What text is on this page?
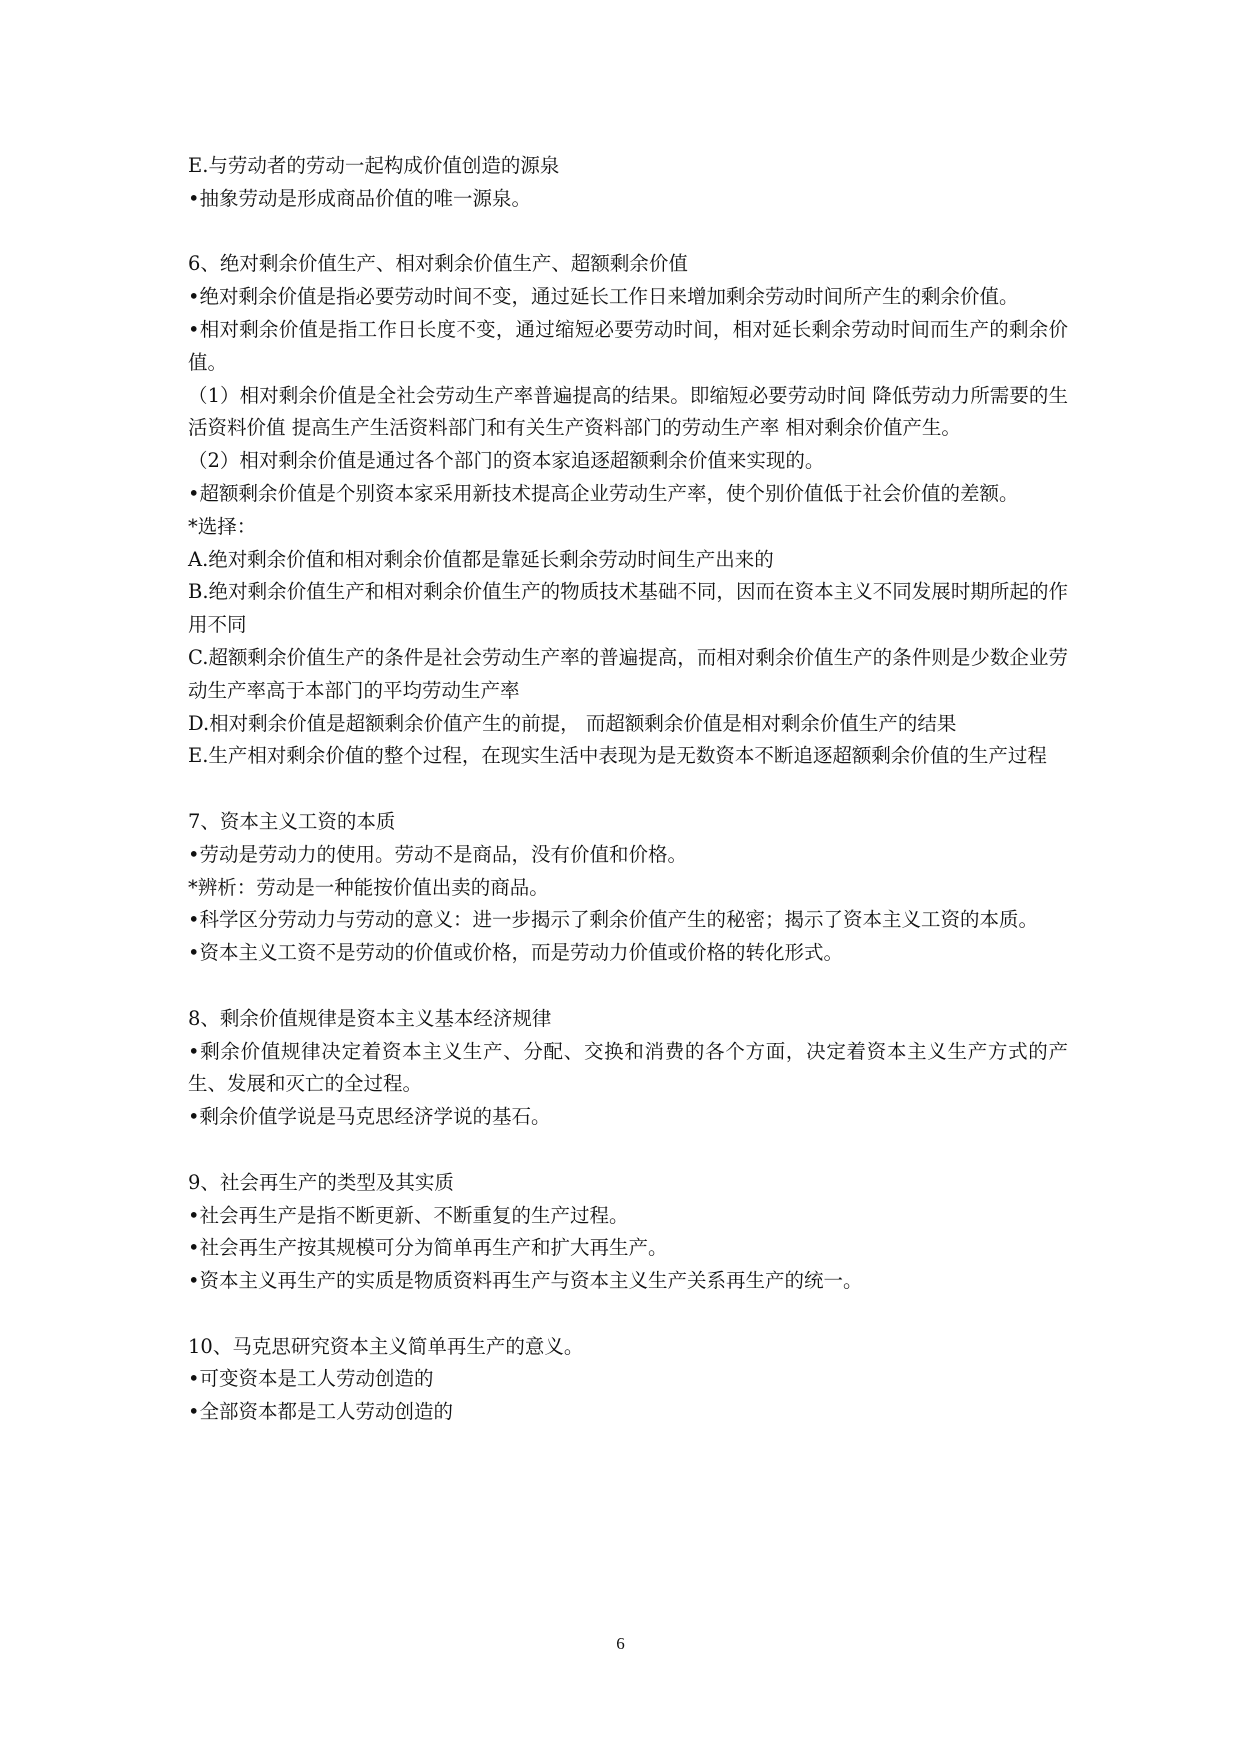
E.与劳动者的劳动一起构成价值创造的源泉

•抽象劳动是形成商品价值的唯一源泉。

6、绝对剩余价值生产、相对剩余价值生产、超额剩余价值

•绝对剩余价值是指必要劳动时间不变，通过延长工作日来增加剩余劳动时间所产生的剩余价值。

•相对剩余价值是指工作日长度不变，通过缩短必要劳动时间，相对延长剩余劳动时间而生产的剩余价值。

（1）相对剩余价值是全社会劳动生产率普遍提高的结果。即缩短必要劳动时间 降低劳动力所需要的生活资料价值 提高生产生活资料部门和有关生产资料部门的劳动生产率 相对剩余价值产生。

（2）相对剩余价值是通过各个部门的资本家追逐超额剩余价值来实现的。

•超额剩余价值是个别资本家采用新技术提高企业劳动生产率，使个别价值低于社会价值的差额。

*选择：

A.绝对剩余价值和相对剩余价值都是靠延长剩余劳动时间生产出来的

B.绝对剩余价值生产和相对剩余价值生产的物质技术基础不同，因而在资本主义不同发展时期所起的作用不同

C.超额剩余价值生产的条件是社会劳动生产率的普遍提高，而相对剩余价值生产的条件则是少数企业劳动生产率高于本部门的平均劳动生产率

D.相对剩余价值是超额剩余价值产生的前提， 而超额剩余价值是相对剩余价值生产的结果

E.生产相对剩余价值的整个过程，在现实生活中表现为是无数资本不断追逐超额剩余价值的生产过程

7、资本主义工资的本质

•劳动是劳动力的使用。劳动不是商品，没有价值和价格。

*辨析：劳动是一种能按价值出卖的商品。

•科学区分劳动力与劳动的意义：进一步揭示了剩余价值产生的秘密；揭示了资本主义工资的本质。

•资本主义工资不是劳动的价值或价格，而是劳动力价值或价格的转化形式。

8、剩余价值规律是资本主义基本经济规律

•剩余价值规律决定着资本主义生产、分配、交换和消费的各个方面，决定着资本主义生产方式的产生、发展和灭亡的全过程。

•剩余价值学说是马克思经济学说的基石。

9、社会再生产的类型及其实质

•社会再生产是指不断更新、不断重复的生产过程。

•社会再生产按其规模可分为简单再生产和扩大再生产。

•资本主义再生产的实质是物质资料再生产与资本主义生产关系再生产的统一。

10、马克思研究资本主义简单再生产的意义。

•可变资本是工人劳动创造的

•全部资本都是工人劳动创造的

6
